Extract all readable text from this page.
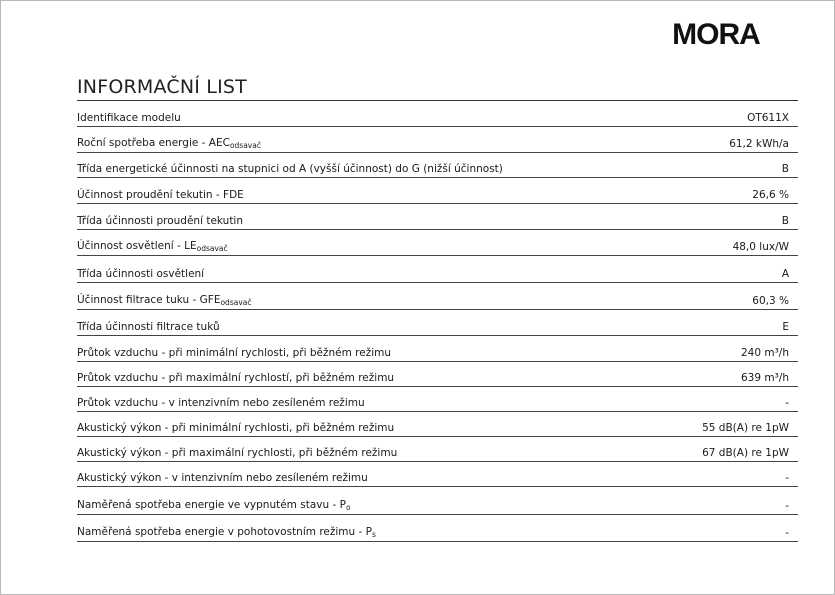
MORA
INFORMAČNÍ LIST
Identifikace modelu	OT611X
Roční spotřeba energie - $AEC_{odsavač}$	61,2 kWh/a
Třída energetické účinnosti na stupnici od A (vyšší účinnost) do G (nižší účinnost)	B
Účinnost proudění tekutin - FDE	26,6 %
Třída účinnosti proudění tekutin	B
Účinnost osvětlení - $LE_{odsavač}$	48,0 lux/W
Třída účinnosti osvětlení	A
Účinnost filtrace tuku - $GFE_{odsavač}$	60,3 %
Třída účinnosti filtrace tuků	E
Průtok vzduchu - při minimální rychlosti, při běžném režimu	240 m³/h
Průtok vzduchu - při maximální rychlostí, při běžném režimu	639 m³/h
Průtok vzduchu - v intenzivním nebo zesíleném režimu	-
Akustický výkon - při minimální rychlosti, při běžném režimu	55 dB(A) re 1pW
Akustický výkon - při maximální rychlosti, při běžném režimu	67 dB(A) re 1pW
Akustický výkon - v intenzivním nebo zesíleném režimu	-
Naměřená spotřeba energie ve vypnutém stavu - $P_o$	-
Naměřená spotřeba energie v pohotovostním režimu - $P_s$	-
